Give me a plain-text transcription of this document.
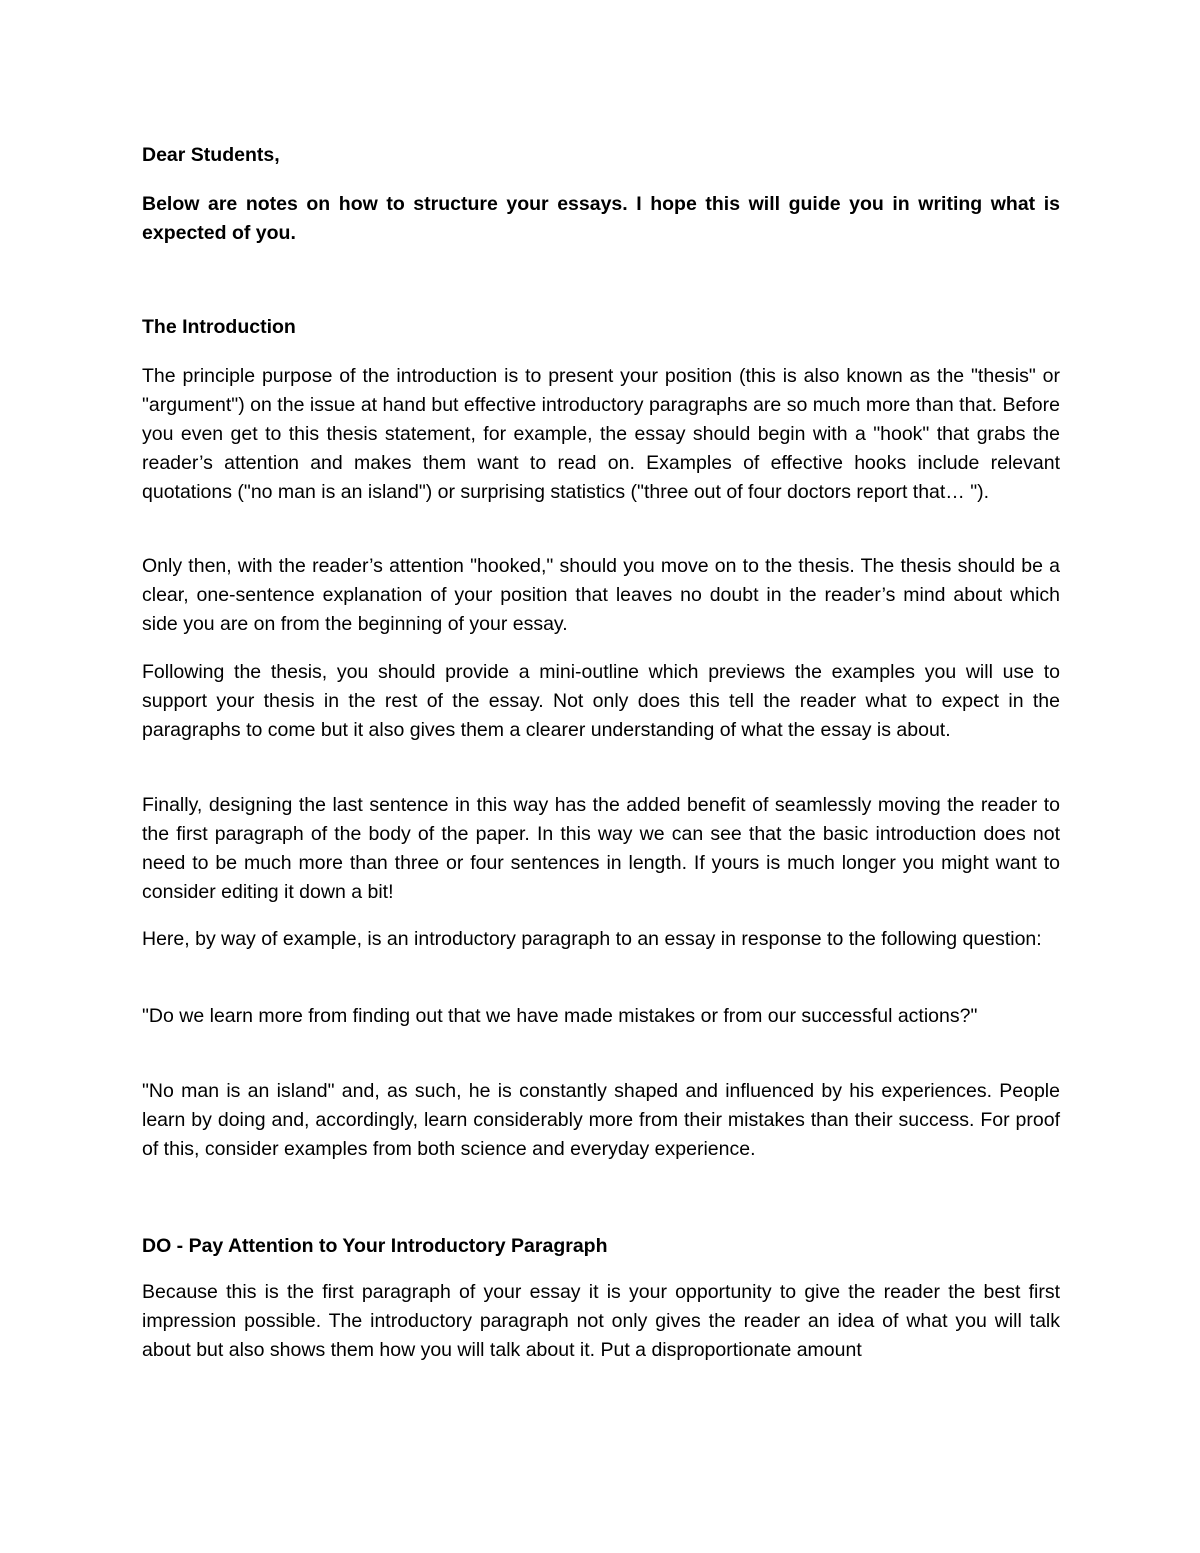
Dear Students,

Below are notes on how to structure your essays. I hope this will guide you in writing what is expected of you.

The Introduction

The principle purpose of the introduction is to present your position (this is also known as the "thesis" or "argument") on the issue at hand but effective introductory paragraphs are so much more than that. Before you even get to this thesis statement, for example, the essay should begin with a "hook" that grabs the reader’s attention and makes them want to read on. Examples of effective hooks include relevant quotations ("no man is an island") or surprising statistics ("three out of four doctors report that… ").

Only then, with the reader’s attention "hooked," should you move on to the thesis. The thesis should be a clear, one-sentence explanation of your position that leaves no doubt in the reader’s mind about which side you are on from the beginning of your essay.

Following the thesis, you should provide a mini-outline which previews the examples you will use to support your thesis in the rest of the essay. Not only does this tell the reader what to expect in the paragraphs to come but it also gives them a clearer understanding of what the essay is about.

Finally, designing the last sentence in this way has the added benefit of seamlessly moving the reader to the first paragraph of the body of the paper. In this way we can see that the basic introduction does not need to be much more than three or four sentences in length. If yours is much longer you might want to consider editing it down a bit!

Here, by way of example, is an introductory paragraph to an essay in response to the following question:

"Do we learn more from finding out that we have made mistakes or from our successful actions?"

"No man is an island" and, as such, he is constantly shaped and influenced by his experiences. People learn by doing and, accordingly, learn considerably more from their mistakes than their success. For proof of this, consider examples from both science and everyday experience.

DO - Pay Attention to Your Introductory Paragraph

Because this is the first paragraph of your essay it is your opportunity to give the reader the best first impression possible. The introductory paragraph not only gives the reader an idea of what you will talk about but also shows them how you will talk about it. Put a disproportionate amount
